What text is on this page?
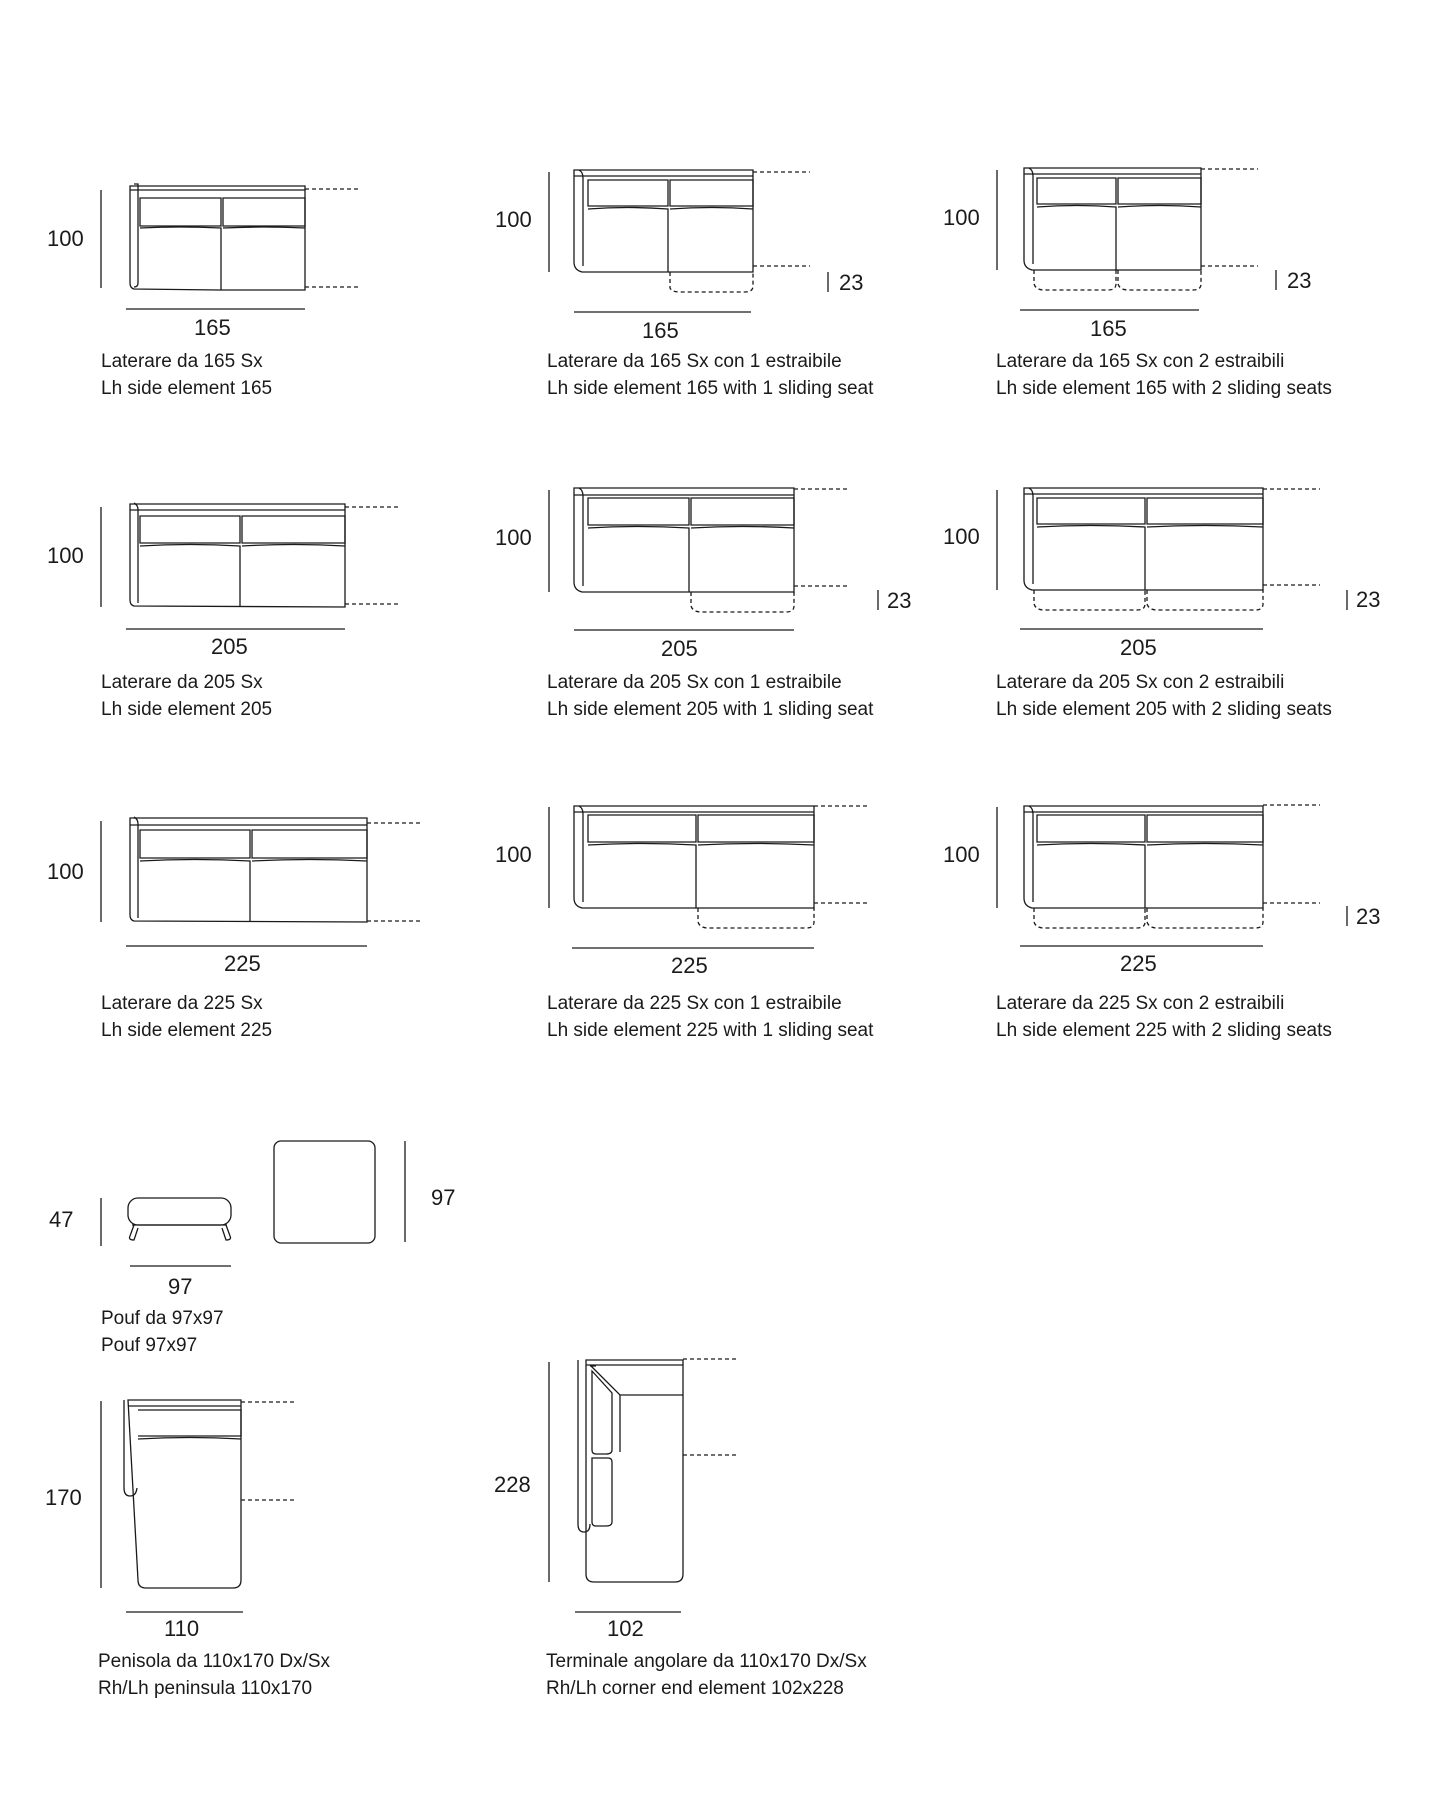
100
165
Laterare da 165 Sx
Lh side element 165
100
165
23
Laterare da 165 Sx con 1 estraibile
Lh side element 165 with 1 sliding seat
100
165
23
Laterare da 165 Sx con 2 estraibili
Lh side element 165 with 2 sliding seats
100
205
Laterare da 205 Sx
Lh side element 205
100
205
23
Laterare da 205 Sx con 1 estraibile
Lh side element 205 with 1 sliding seat
100
205
23
Laterare da 205 Sx con 2 estraibili
Lh side element 205 with 2 sliding seats
100
225
Laterare da 225 Sx
Lh side element 225
100
225
Laterare da 225 Sx con 1 estraibile
Lh side element 225 with 1 sliding seat
100
225
23
Laterare da 225 Sx con 2 estraibili
Lh side element 225 with 2 sliding seats
47
97
97
Pouf da 97x97
Pouf 97x97
170
110
Penisola da 110x170 Dx/Sx
Rh/Lh peninsula 110x170
228
102
Terminale angolare da 110x170 Dx/Sx
Rh/Lh corner end element 102x228
